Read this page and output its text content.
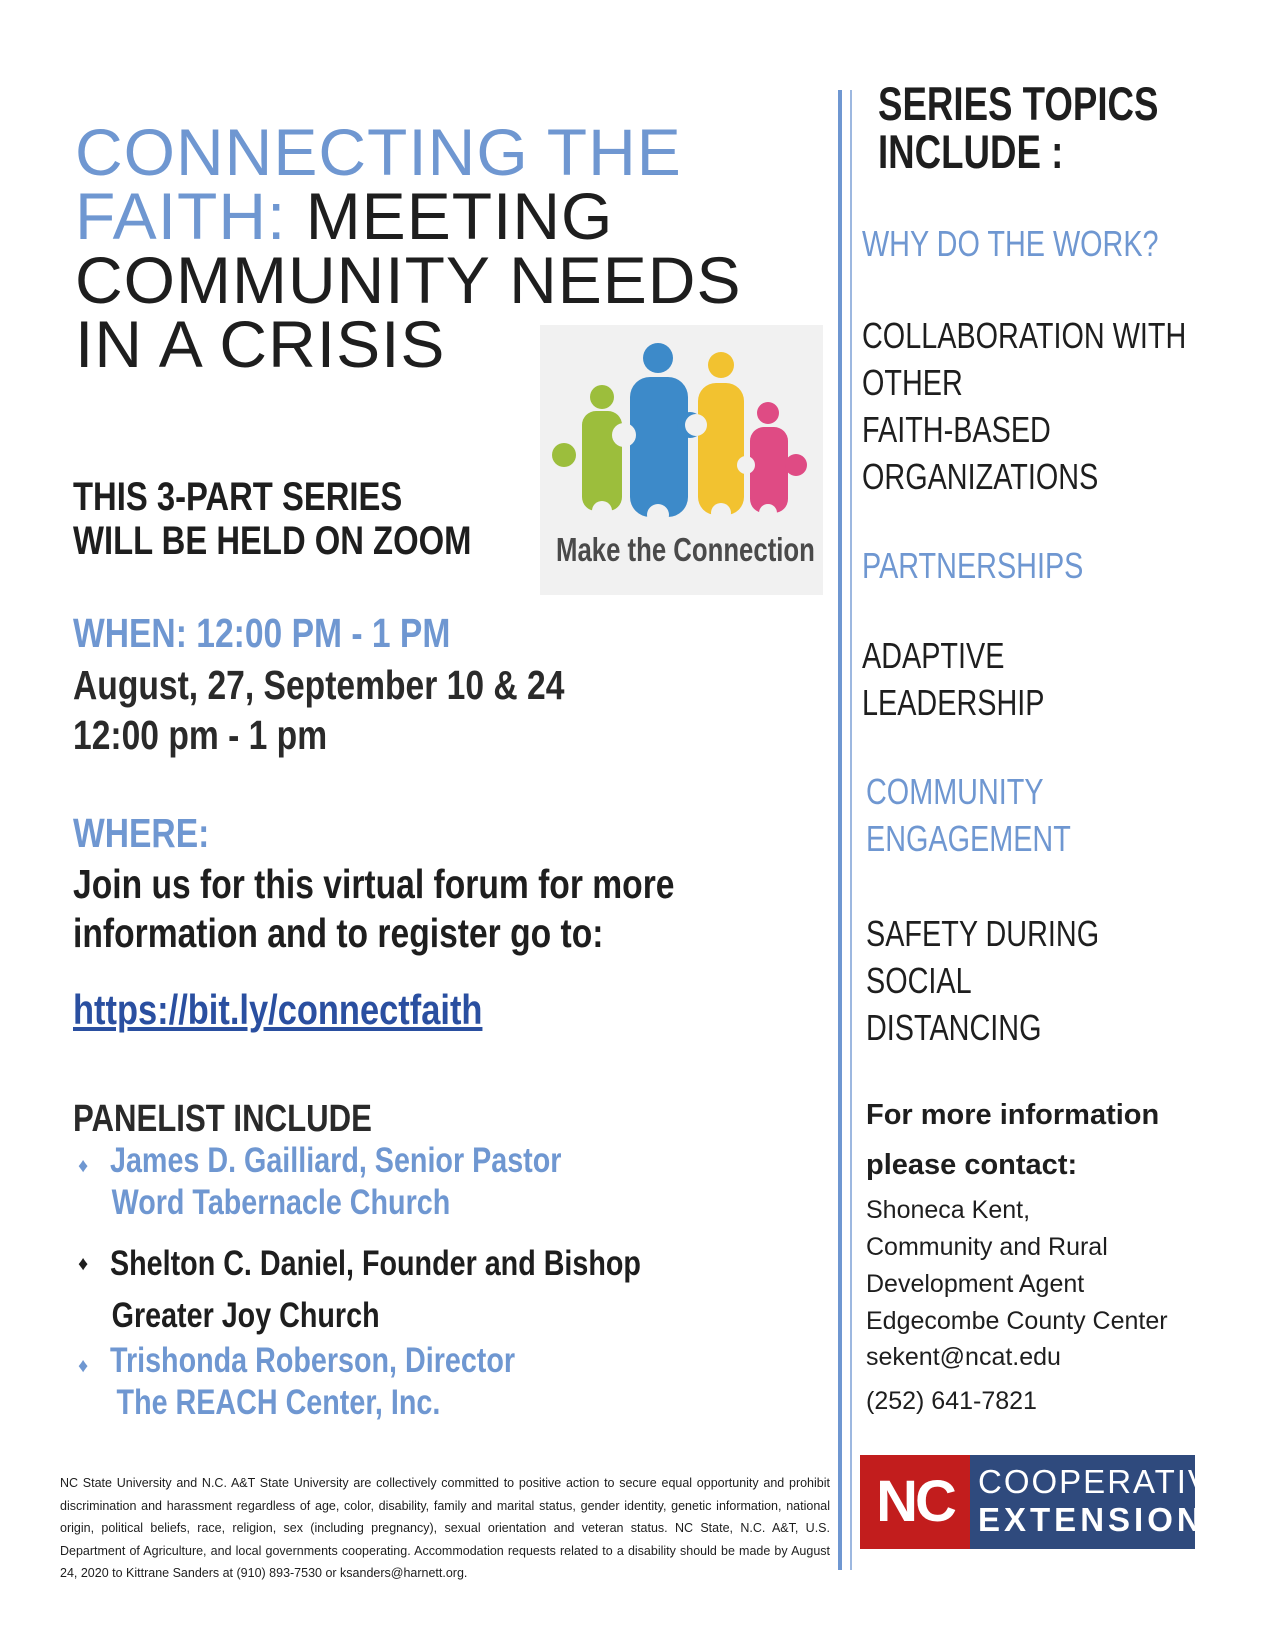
CONNECTING THE
FAITH: MEETING
COMMUNITY NEEDS
IN A CRISIS
Make the Connection
THIS 3-PART SERIES
WILL BE HELD ON ZOOM
WHEN: 12:00 PM - 1 PM
August, 27, September 10 & 24
12:00 pm - 1 pm
WHERE:
Join us for this virtual forum for more
information and to register go to:
https://bit.ly/connectfaith
PANELIST INCLUDE
♦ James D. Gailliard, Senior Pastor
Word Tabernacle Church
♦ Shelton C. Daniel, Founder and Bishop
Greater Joy Church
♦ Trishonda Roberson, Director
The REACH Center, Inc.
NC State University and N.C. A&T State University are collectively committed to positive action to secure equal opportunity and prohibit discrimination and harassment regardless of age, color, disability, family and marital status, gender identity, genetic information, national origin, political beliefs, race, religion, sex (including pregnancy), sexual orientation and veteran status. NC State, N.C. A&T, U.S. Department of Agriculture, and local governments cooperating. Accommodation requests related to a disability should be made by August 24, 2020 to Kittrane Sanders at (910) 893-7530 or ksanders@harnett.org.
SERIES TOPICS
INCLUDE :
WHY DO THE WORK?
COLLABORATION WITH
OTHER
FAITH-BASED
ORGANIZATIONS
PARTNERSHIPS
ADAPTIVE
LEADERSHIP
COMMUNITY
ENGAGEMENT
SAFETY DURING
SOCIAL
DISTANCING
For more information
please contact:
Shoneca Kent,
Community and Rural
Development Agent
Edgecombe County Center
sekent@ncat.edu
(252) 641-7821
NC COOPERATIVE
EXTENSION
